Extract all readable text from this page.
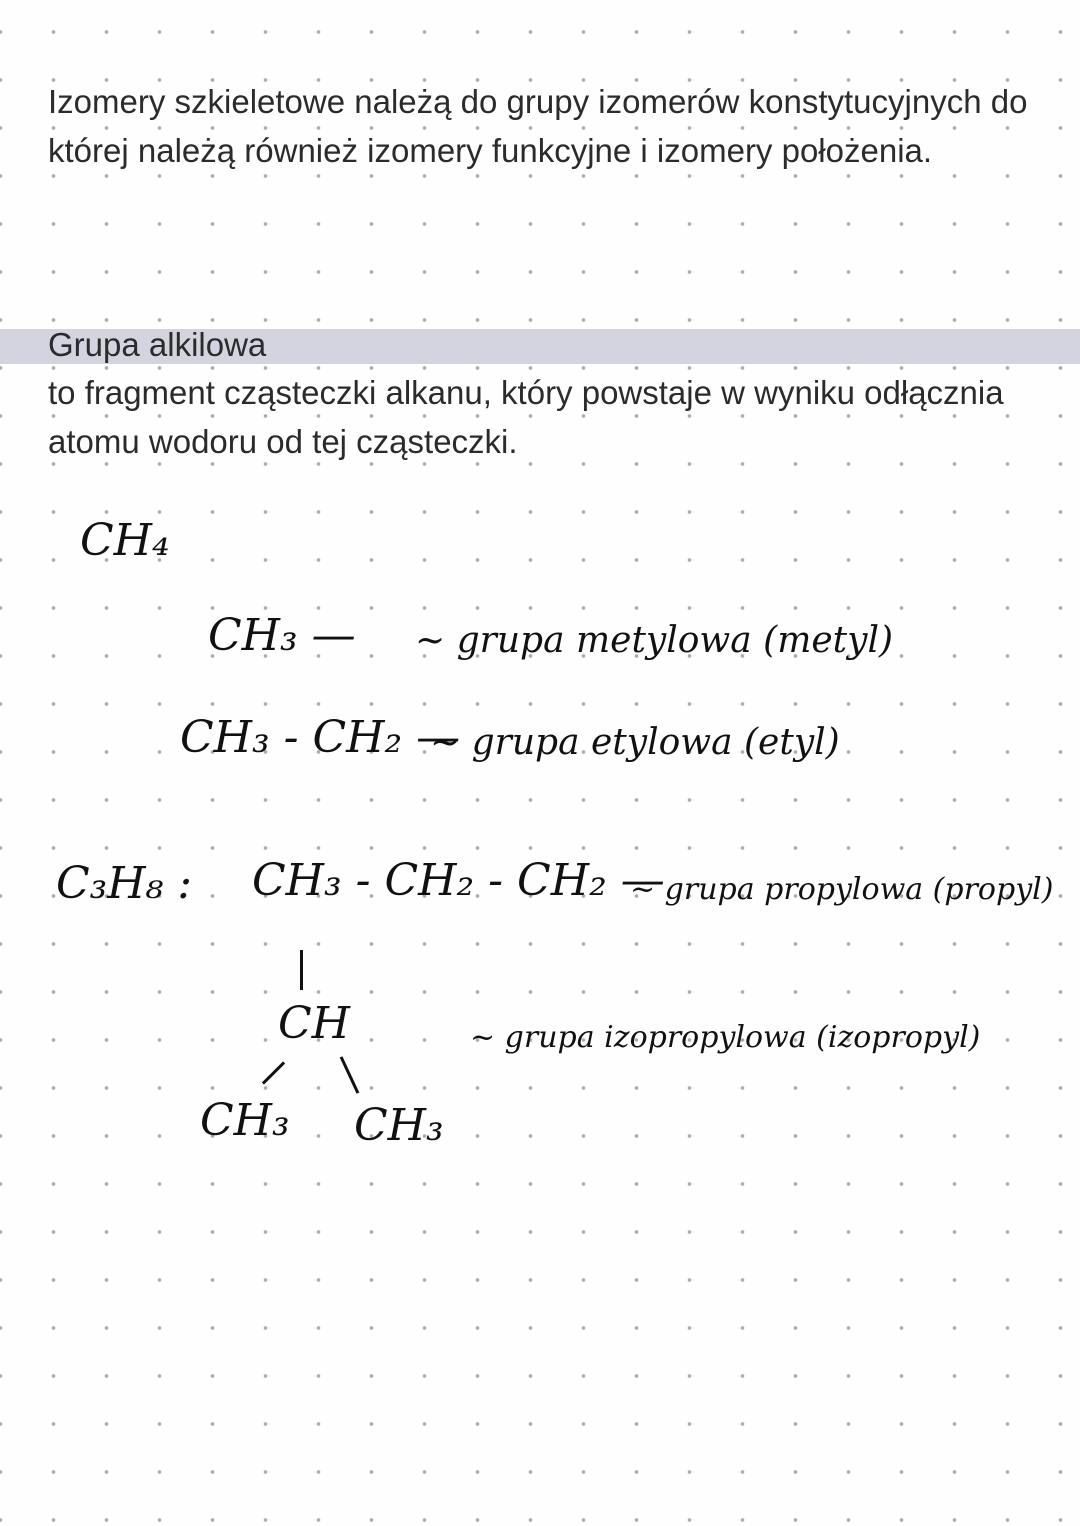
Izomery szkieletowe należą do grupy izomerów konstytucyjnych do której należą również izomery funkcyjne i izomery położenia.

Grupa alkilowa

to fragment cząsteczki alkanu, który powstaje w wyniku odłącznia atomu wodoru od tej cząsteczki.

CH₄
CH₃ — ~ grupa metylowa (metyl)
CH₃ - CH₂ —
~ grupa etylowa (etyl)
C₃H₈ : CH₃ - CH₂ - CH₂ —
~ grupa propylowa (propyl)
CH
CH₃ CH₃
~ grupa izopropylowa (izopropyl)
